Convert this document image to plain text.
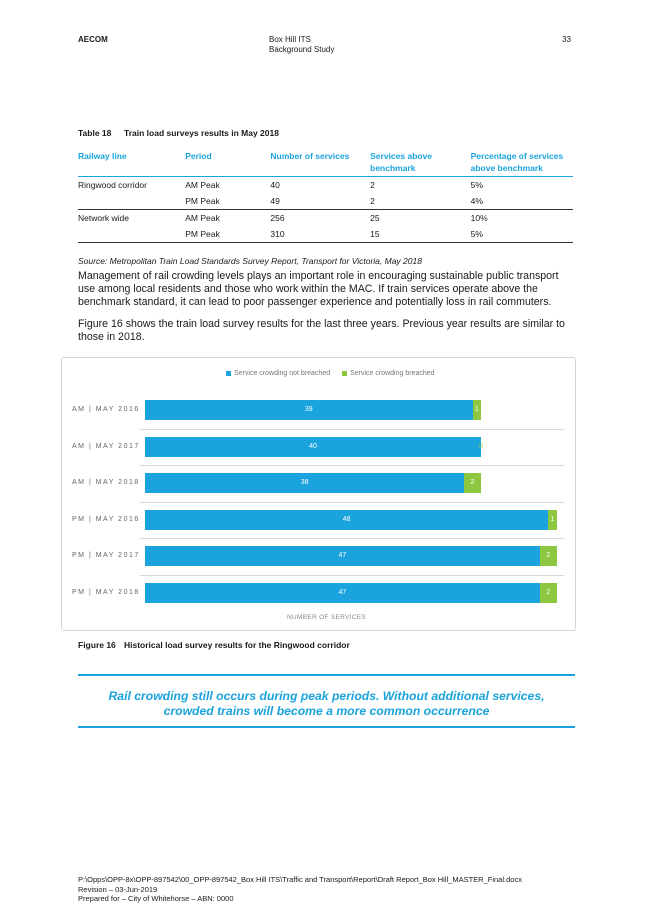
AECOM	Box Hill ITS
Background Study
33
Table 18 Train load surveys results in May 2018
Railway line	Period	Number of services	Services above benchmark	Percentage of services above benchmark
Ringwood corridor	AM Peak	40	2	5%
	PM Peak	49	2	4%
Network wide	AM Peak	256	25	10%
	PM Peak	310	15	5%
Source: Metropolitan Train Load Standards Survey Report, Transport for Victoria, May 2018
Management of rail crowding levels plays an important role in encouraging sustainable public transport use among local residents and those who work within the MAC. If train services operate above the benchmark standard, it can lead to poor passenger experience and potentially loss in rail commuters.
Figure 16 shows the train load survey results for the last three years. Previous year results are similar to those in 2018.
Service crowding not breached	Service crowding breached
AM | MAY 2016	39	1
AM | MAY 2017	40	0
AM | MAY 2018	38	2
PM | MAY 2016	48	1
PM | MAY 2017	47	2
PM | MAY 2018	47	2
NUMBER OF SERVICES
Figure 16 Historical load survey results for the Ringwood corridor
Rail crowding still occurs during peak periods. Without additional services,
crowded trains will become a more common occurrence
P:\Opps\OPP-8x\OPP-897542\00_OPP-897542_Box Hill ITS\Traffic and Transport\Report\Draft Report_Box Hill_MASTER_Final.docx
Revision – 03-Jun-2019
Prepared for – City of Whitehorse – ABN: 0000
